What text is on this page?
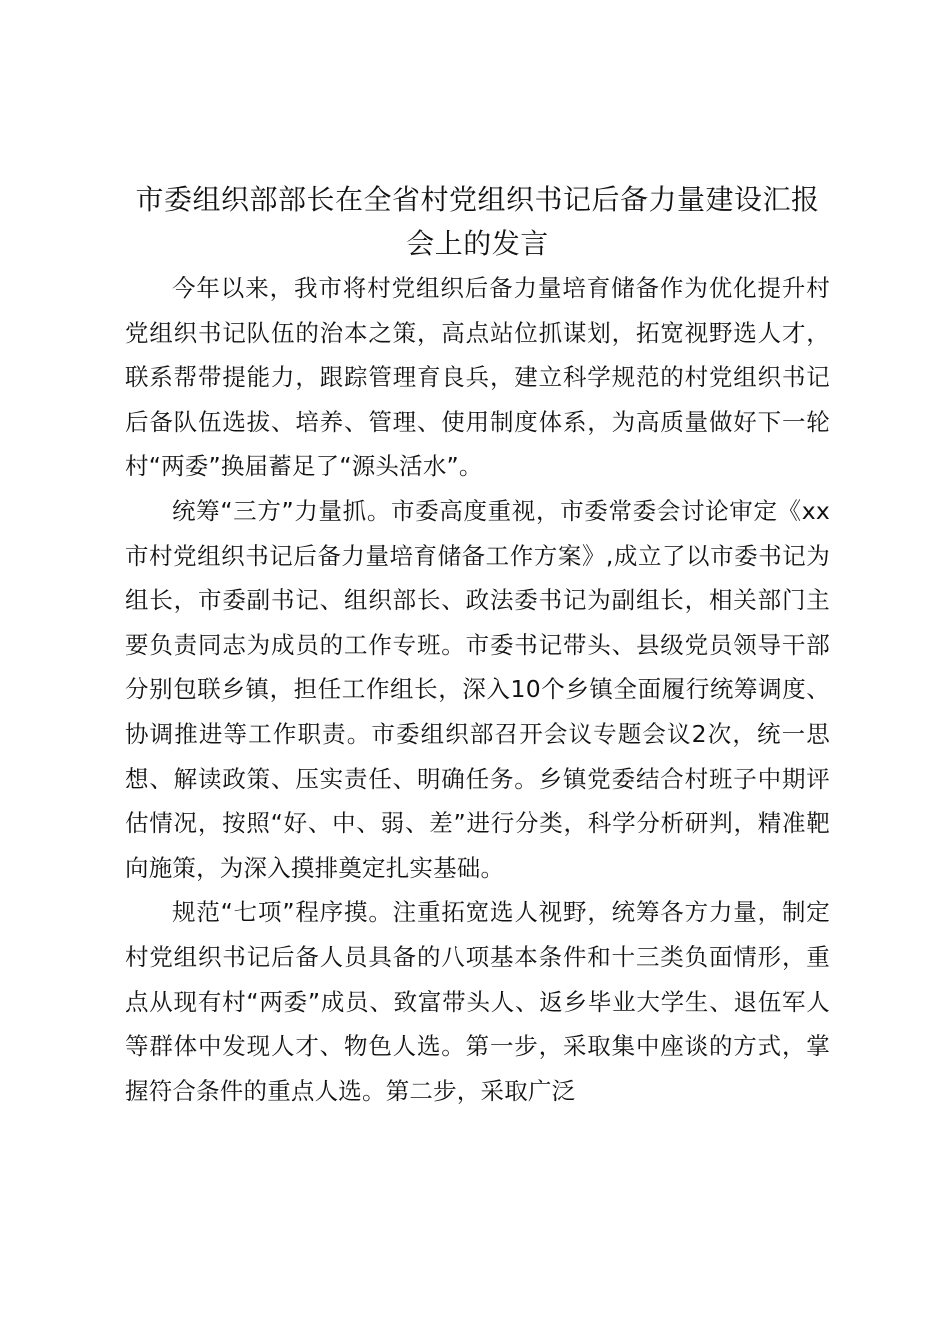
市委组织部部长在全省村党组织书记后备力量建设汇报会上的发言

今年以来，我市将村党组织后备力量培育储备作为优化提升村党组织书记队伍的治本之策，高点站位抓谋划，拓宽视野选人才，联系帮带提能力，跟踪管理育良兵，建立科学规范的村党组织书记后备队伍选拔、培养、管理、使用制度体系，为高质量做好下一轮村“两委”换届蓄足了“源头活水”。

统筹“三方”力量抓。市委高度重视，市委常委会讨论审定《xx市村党组织书记后备力量培育储备工作方案》,成立了以市委书记为组长，市委副书记、组织部长、政法委书记为副组长，相关部门主要负责同志为成员的工作专班。市委书记带头、县级党员领导干部分别包联乡镇，担任工作组长，深入10个乡镇全面履行统筹调度、协调推进等工作职责。市委组织部召开会议专题会议2次，统一思想、解读政策、压实责任、明确任务。乡镇党委结合村班子中期评估情况，按照“好、中、弱、差”进行分类，科学分析研判，精准靶向施策，为深入摸排奠定扎实基础。

规范“七项”程序摸。注重拓宽选人视野，统筹各方力量，制定村党组织书记后备人员具备的八项基本条件和十三类负面情形，重点从现有村“两委”成员、致富带头人、返乡毕业大学生、退伍军人等群体中发现人才、物色人选。第一步，采取集中座谈的方式，掌握符合条件的重点人选。第二步，采取广泛
